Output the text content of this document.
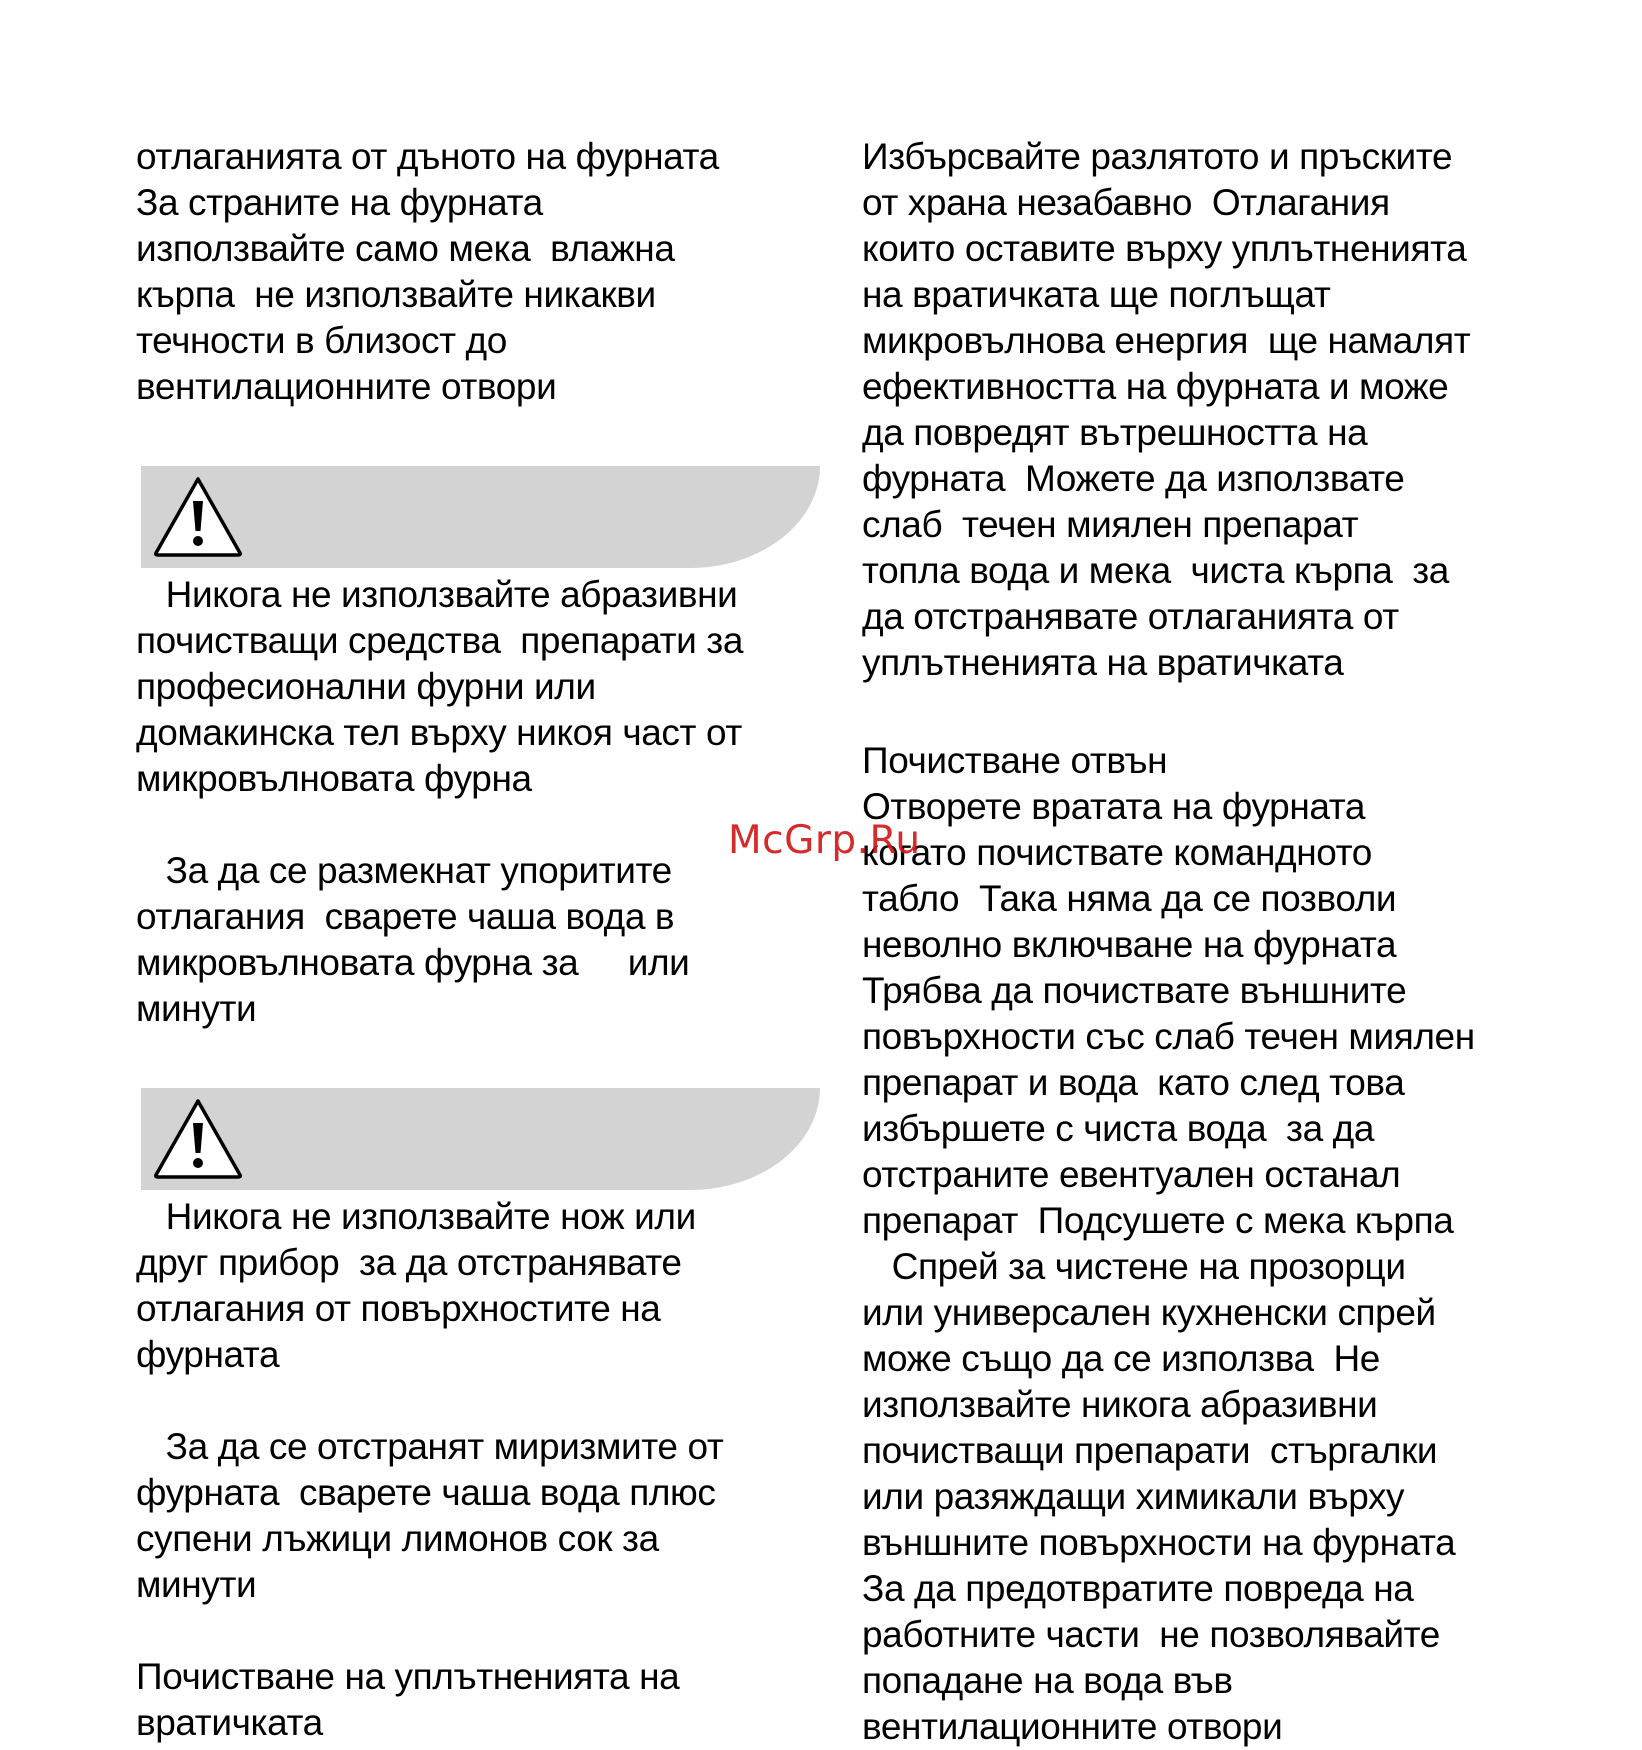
отлаганията от дъното на фурната
За страните на фурната
използвайте само мека  влажна
кърпа  не използвайте никакви
течности в близост до
вентилационните отвори
Никога не използвайте абразивни
почистващи средства  препарати за
професионални фурни или
домакинска тел върху никоя част от
микровълновата фурна
За да се размекнат упоритите
отлагания  сварете чаша вода в
микровълновата фурна за     или
минути
Никога не използвайте нож или
друг прибор  за да отстранявате
отлагания от повърхностите на
фурната
За да се отстранят миризмите от
фурната  сварете чаша вода плюс
супени лъжици лимонов сок за
минути
Почистване на уплътненията на
вратичката
Избърсвайте разлятото и пръските
от храна незабавно  Отлагания
които оставите върху уплътненията
на вратичката ще поглъщат
микровълнова енергия  ще намалят
ефективността на фурната и може
да повредят вътрешността на
фурната  Можете да използвате
слаб  течен миялен препарат
топла вода и мека  чиста кърпа  за
да отстранявате отлаганията от
уплътненията на вратичката
Почистване отвън
Отворете вратата на фурната
когато почиствате командното
табло  Така няма да се позволи
неволно включване на фурната
Трябва да почиствате външните
повърхности със слаб течен миялен
препарат и вода  като след това
избършете с чиста вода  за да
отстраните евентуален останал
препарат  Подсушете с мека кърпа
Спрей за чистене на прозорци
или универсален кухненски спрей
може също да се използва  Не
използвайте никога абразивни
почистващи препарати  стъргалки
или разяждащи химикали върху
външните повърхности на фурната
За да предотвратите повреда на
работните части  не позволявайте
попадане на вода във
вентилационните отвори
McGrp.Ru
